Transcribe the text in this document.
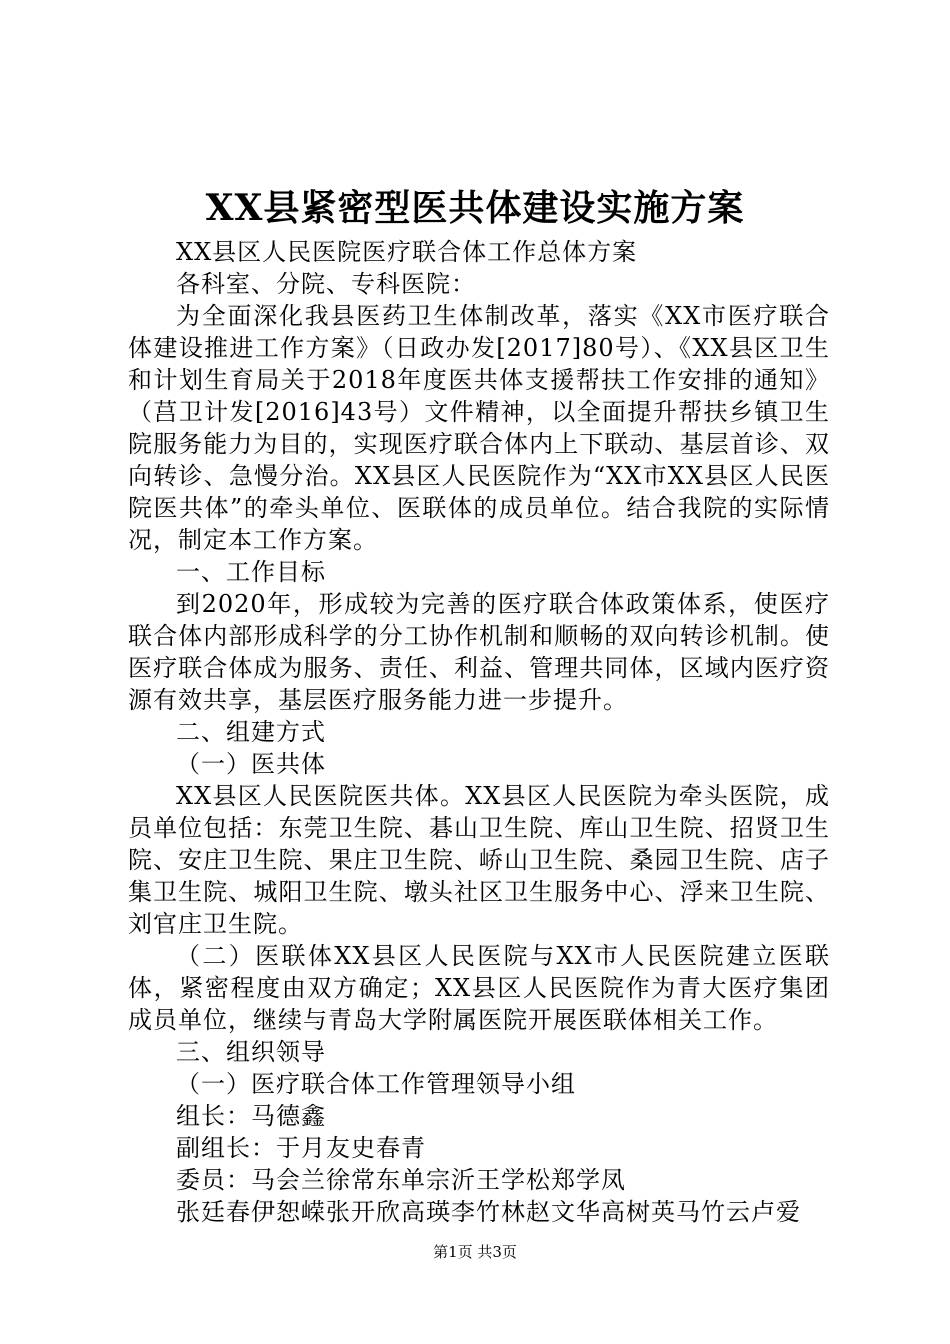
XX县紧密型医共体建设实施方案

XX县区人民医院医疗联合体工作总体方案

各科室、分院、专科医院：

为全面深化我县医药卫生体制改革，落实《XX市医疗联合体建设推进工作方案》（日政办发[2017]80号）、《XX县区卫生和计划生育局关于2018年度医共体支援帮扶工作安排的通知》（莒卫计发[2016]43号）文件精神，以全面提升帮扶乡镇卫生院服务能力为目的，实现医疗联合体内上下联动、基层首诊、双向转诊、急慢分治。XX县区人民医院作为“XX市XX县区人民医院医共体”的牵头单位、医联体的成员单位。结合我院的实际情况，制定本工作方案。

一、工作目标

到2020年，形成较为完善的医疗联合体政策体系，使医疗联合体内部形成科学的分工协作机制和顺畅的双向转诊机制。使医疗联合体成为服务、责任、利益、管理共同体，区域内医疗资源有效共享，基层医疗服务能力进一步提升。

二、组建方式

（一）医共体

XX县区人民医院医共体。XX县区人民医院为牵头医院，成员单位包括：东莞卫生院、碁山卫生院、库山卫生院、招贤卫生院、安庄卫生院、果庄卫生院、峤山卫生院、桑园卫生院、店子集卫生院、城阳卫生院、墩头社区卫生服务中心、浮来卫生院、刘官庄卫生院。

（二）医联体XX县区人民医院与XX市人民医院建立医联体，紧密程度由双方确定；XX县区人民医院作为青大医疗集团成员单位，继续与青岛大学附属医院开展医联体相关工作。

三、组织领导

（一）医疗联合体工作管理领导小组

组长：马德鑫

副组长：于月友史春青

委员：马会兰徐常东单宗沂王学松郑学凤

张廷春伊恕嵘张开欣高瑛李竹林赵文华高树英马竹云卢爱

第1页 共3页
